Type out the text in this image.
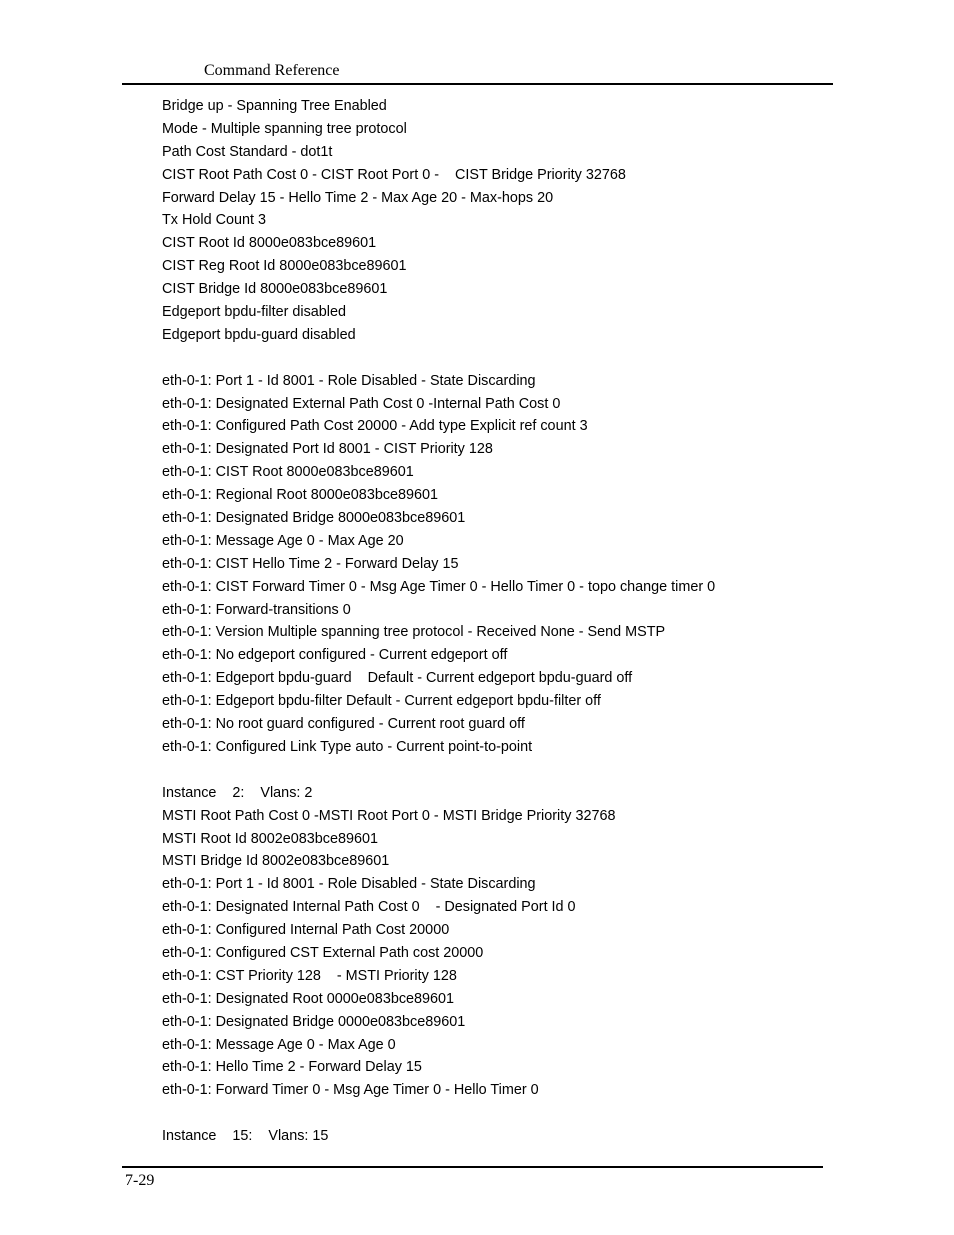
Command Reference
Bridge up - Spanning Tree Enabled
Mode - Multiple spanning tree protocol
Path Cost Standard - dot1t
CIST Root Path Cost 0 - CIST Root Port 0 -    CIST Bridge Priority 32768
Forward Delay 15 - Hello Time 2 - Max Age 20 - Max-hops 20
Tx Hold Count 3
CIST Root Id 8000e083bce89601
CIST Reg Root Id 8000e083bce89601
CIST Bridge Id 8000e083bce89601
Edgeport bpdu-filter disabled
Edgeport bpdu-guard disabled
eth-0-1: Port 1 - Id 8001 - Role Disabled - State Discarding
eth-0-1: Designated External Path Cost 0 -Internal Path Cost 0
eth-0-1: Configured Path Cost 20000 - Add type Explicit ref count 3
eth-0-1: Designated Port Id 8001 - CIST Priority 128
eth-0-1: CIST Root 8000e083bce89601
eth-0-1: Regional Root 8000e083bce89601
eth-0-1: Designated Bridge 8000e083bce89601
eth-0-1: Message Age 0 - Max Age 20
eth-0-1: CIST Hello Time 2 - Forward Delay 15
eth-0-1: CIST Forward Timer 0 - Msg Age Timer 0 - Hello Timer 0 - topo change timer 0
eth-0-1: Forward-transitions 0
eth-0-1: Version Multiple spanning tree protocol - Received None - Send MSTP
eth-0-1: No edgeport configured - Current edgeport off
eth-0-1: Edgeport bpdu-guard    Default - Current edgeport bpdu-guard off
eth-0-1: Edgeport bpdu-filter Default - Current edgeport bpdu-filter off
eth-0-1: No root guard configured - Current root guard off
eth-0-1: Configured Link Type auto - Current point-to-point
Instance    2:    Vlans: 2
MSTI Root Path Cost 0 -MSTI Root Port 0 - MSTI Bridge Priority 32768
MSTI Root Id 8002e083bce89601
MSTI Bridge Id 8002e083bce89601
eth-0-1: Port 1 - Id 8001 - Role Disabled - State Discarding
eth-0-1: Designated Internal Path Cost 0    - Designated Port Id 0
eth-0-1: Configured Internal Path Cost 20000
eth-0-1: Configured CST External Path cost 20000
eth-0-1: CST Priority 128    - MSTI Priority 128
eth-0-1: Designated Root 0000e083bce89601
eth-0-1: Designated Bridge 0000e083bce89601
eth-0-1: Message Age 0 - Max Age 0
eth-0-1: Hello Time 2 - Forward Delay 15
eth-0-1: Forward Timer 0 - Msg Age Timer 0 - Hello Timer 0
Instance    15:    Vlans: 15
7-29
